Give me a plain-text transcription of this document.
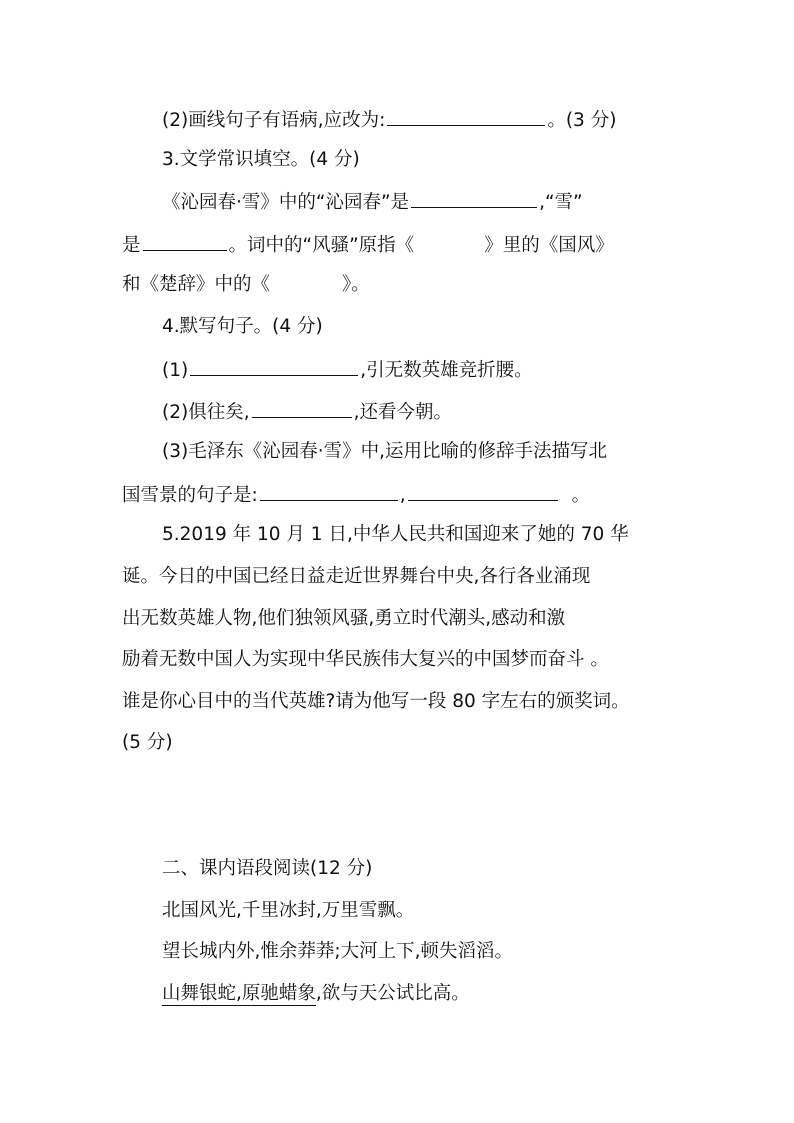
(2)画线句子有语病,应改为:	。(3 分)
3.文学常识填空。(4 分)
《沁园春·雪》中的“沁园春”是	,“雪”
是	。词中的“风骚”原指《	》里的《国风》
和《楚辞》中的《	》。
4.默写句子。(4 分)
(1)	,引无数英雄竞折腰。
(2)俱往矣,	,还看今朝。
(3)毛泽东《沁园春·雪》中,运用比喻的修辞手法描写北
国雪景的句子是:	,	。
5.2019 年 10 月 1 日,中华人民共和国迎来了她的 70 华
诞。今日的中国已经日益走近世界舞台中央,各行各业涌现
出无数英雄人物,他们独领风骚,勇立时代潮头,感动和激
励着无数中国人为实现中华民族伟大复兴的中国梦而奋斗 。
谁是你心目中的当代英雄?请为他写一段 80 字左右的颁奖词。
(5 分)
二、课内语段阅读(12 分)
北国风光,千里冰封,万里雪飘。
望长城内外,惟余莽莽;大河上下,顿失滔滔。
山舞银蛇,原驰蜡象,欲与天公试比高。
